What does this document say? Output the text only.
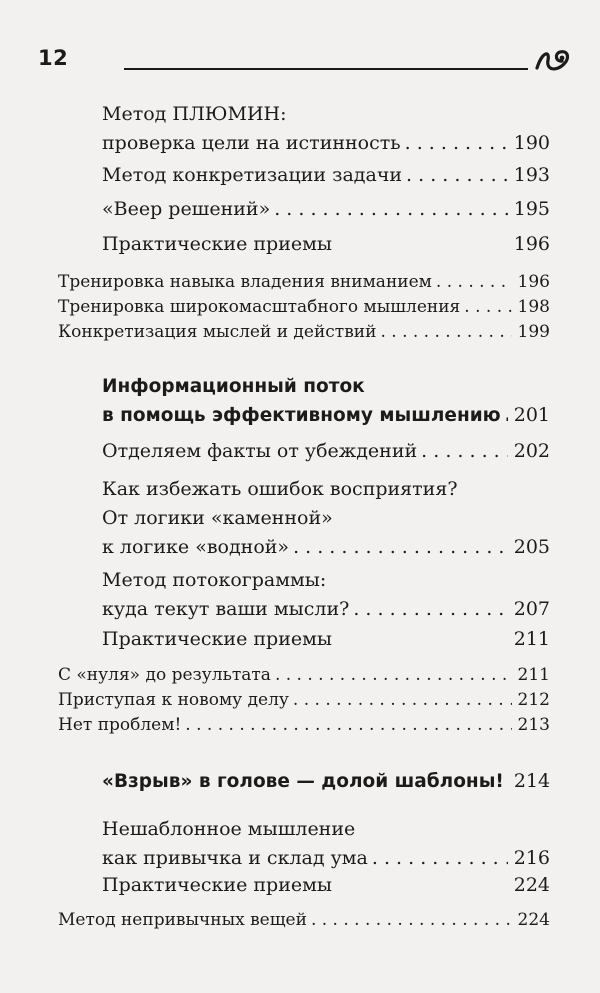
12
Метод ПЛЮМИН:
проверка цели на истинность . . .	190
Метод конкретизации задачи . . .	193
«Веер решений» . . .	195
Практические приемы	196
Тренировка навыка владения вниманием . . .	196
Тренировка широкомасштабного мышления . . .	198
Конкретизация мыслей и действий . . .	199
Информационный поток
в помощь эффективному мышлению . . . 201
Отделяем факты от убеждений . . .	202
Как избежать ошибок восприятия?
От логики «каменной»
к логике «водной» . . .	205
Метод потокограммы:
куда текут ваши мысли? . . .	207
Практические приемы	211
С «нуля» до результата . . .	211
Приступая к новому делу . . .	212
Нет проблем! . . .	213
«Взрыв» в голове — долой шаблоны! 214
Нешаблонное мышление
как привычка и склад ума . . .	216
Практические приемы	224
Метод непривычных вещей . . .	224
